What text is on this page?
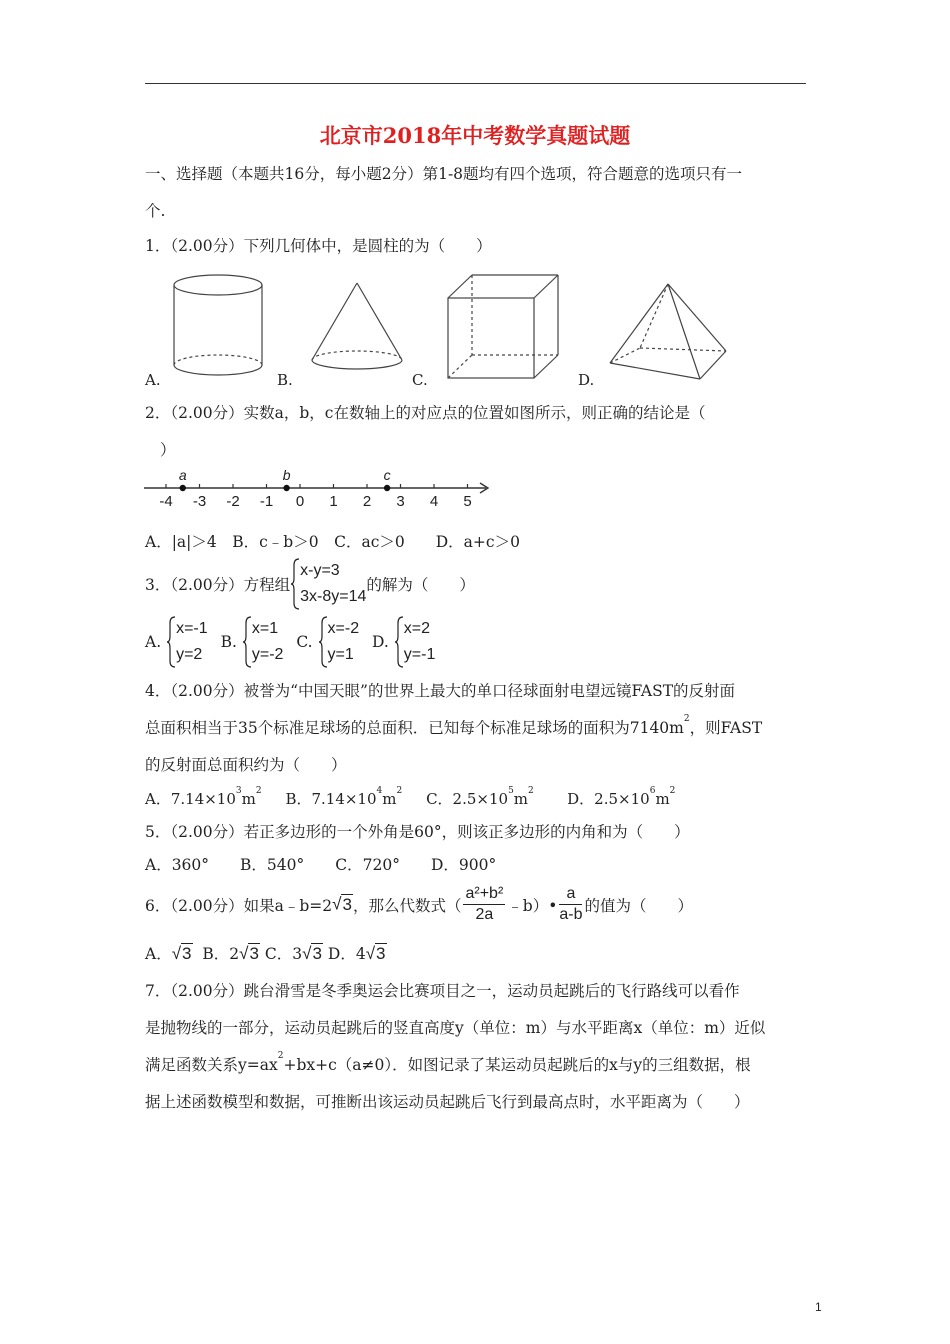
北京市2018年中考数学真题试题
一、选择题（本题共16分，每小题2分）第1-8题均有四个选项，符合题意的选项只有一
个.
1．（2.00分）下列几何体中，是圆柱的为（　　）
A.	B.	C.	D.
2．（2.00分）实数a，b，c在数轴上的对应点的位置如图所示，则正确的结论是（
）
-4 -3 -2 -1 0 1 2 3 4 5
a	b	c
A．|a|＞4　B．c﹣b＞0　C．ac＞0　　D．a+c＞0
3．（2.00分）方程组
x-y=3
3x-8y=14
的解为（　　）
A.
x=-1
y=2
B.
x=1
y=-2
C.
x=-2
y=1
D.
x=2
y=-1
4．（2.00分）被誉为“中国天眼”的世界上最大的单口径球面射电望远镜FAST的反射面
总面积相当于35个标准足球场的总面积．已知每个标准足球场的面积为$7140m^2$，则FAST
的反射面总面积约为（　　）
A．$7.14\times 10^3m^2$ B．$7.14\times 10^4m^2$ C．$2.5\times 10^5m^2$ D．$2.5\times 10^6m^2$
5．（2.00分）若正多边形的一个外角是60°，则该正多边形的内角和为（　　）
A．360°　　B．540°　　C．720°　　D．900°
6．（2.00分）如果a﹣b=2√3，那么代数式（ $\frac{\text{a²+b²}}{2a}$ ﹣b）• $\frac{a}{a-b}$ 的值为（　　）
A．√3 B．2√3 C．3√3 D．4√3
7．（2.00分）跳台滑雪是冬季奥运会比赛项目之一，运动员起跳后的飞行路线可以看作
是抛物线的一部分，运动员起跳后的竖直高度y（单位：m）与水平距离x（单位：m）近似
满足函数关系$y=ax^2+bx+c(a\ne 0)$．如图记录了某运动员起跳后的x与y的三组数据，根
据上述函数模型和数据，可推断出该运动员起跳后飞行到最高点时，水平距离为（　　）
1
